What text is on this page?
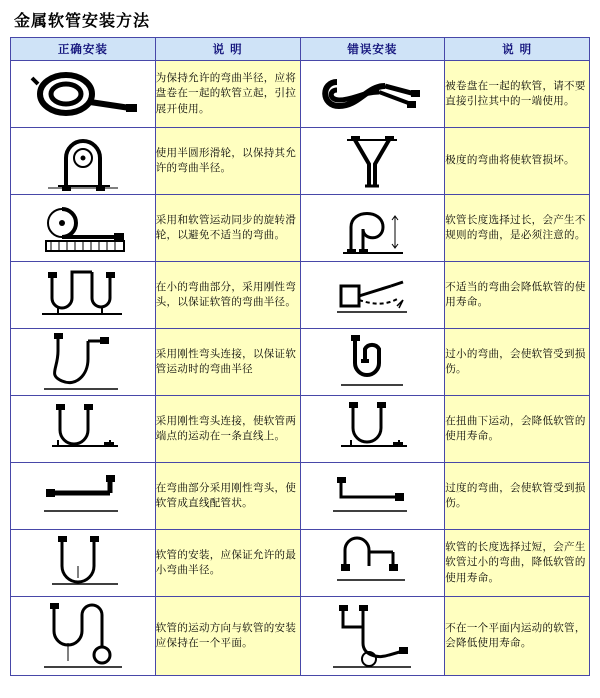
金属软管安装方法
正确安装	说 明	错误安装	说 明

	为保持允许的弯曲半径，应将盘卷在一起的软管立起，引拉展开使用。		被卷盘在一起的软管，请不要直接引拉其中的一端使用。

	使用半圆形滑轮，以保持其允许的弯曲半径。		极度的弯曲将使软管损坏。

	采用和软管运动同步的旋转滑轮，以避免不适当的弯曲。		软管长度选择过长，会产生不规则的弯曲，是必须注意的。

	在小的弯曲部分，采用刚性弯头，以保证软管的弯曲半径。		不适当的弯曲会降低软管的使用寿命。

	采用刚性弯头连接，以保证软管运动时的弯曲半径		过小的弯曲，会使软管受到损伤。

	采用刚性弯头连接，使软管两端点的运动在一条直线上。		在扭曲下运动，会降低软管的使用寿命。

	在弯曲部分采用刚性弯头，使软管成直线配管状。		过度的弯曲，会使软管受到损伤。

	软管的安装，应保证允许的最小弯曲半径。		软管的长度选择过短，会产生软管过小的弯曲，降低软管的使用寿命。

	软管的运动方向与软管的安装应保持在一个平面。		不在一个平面内运动的软管，会降低使用寿命。
